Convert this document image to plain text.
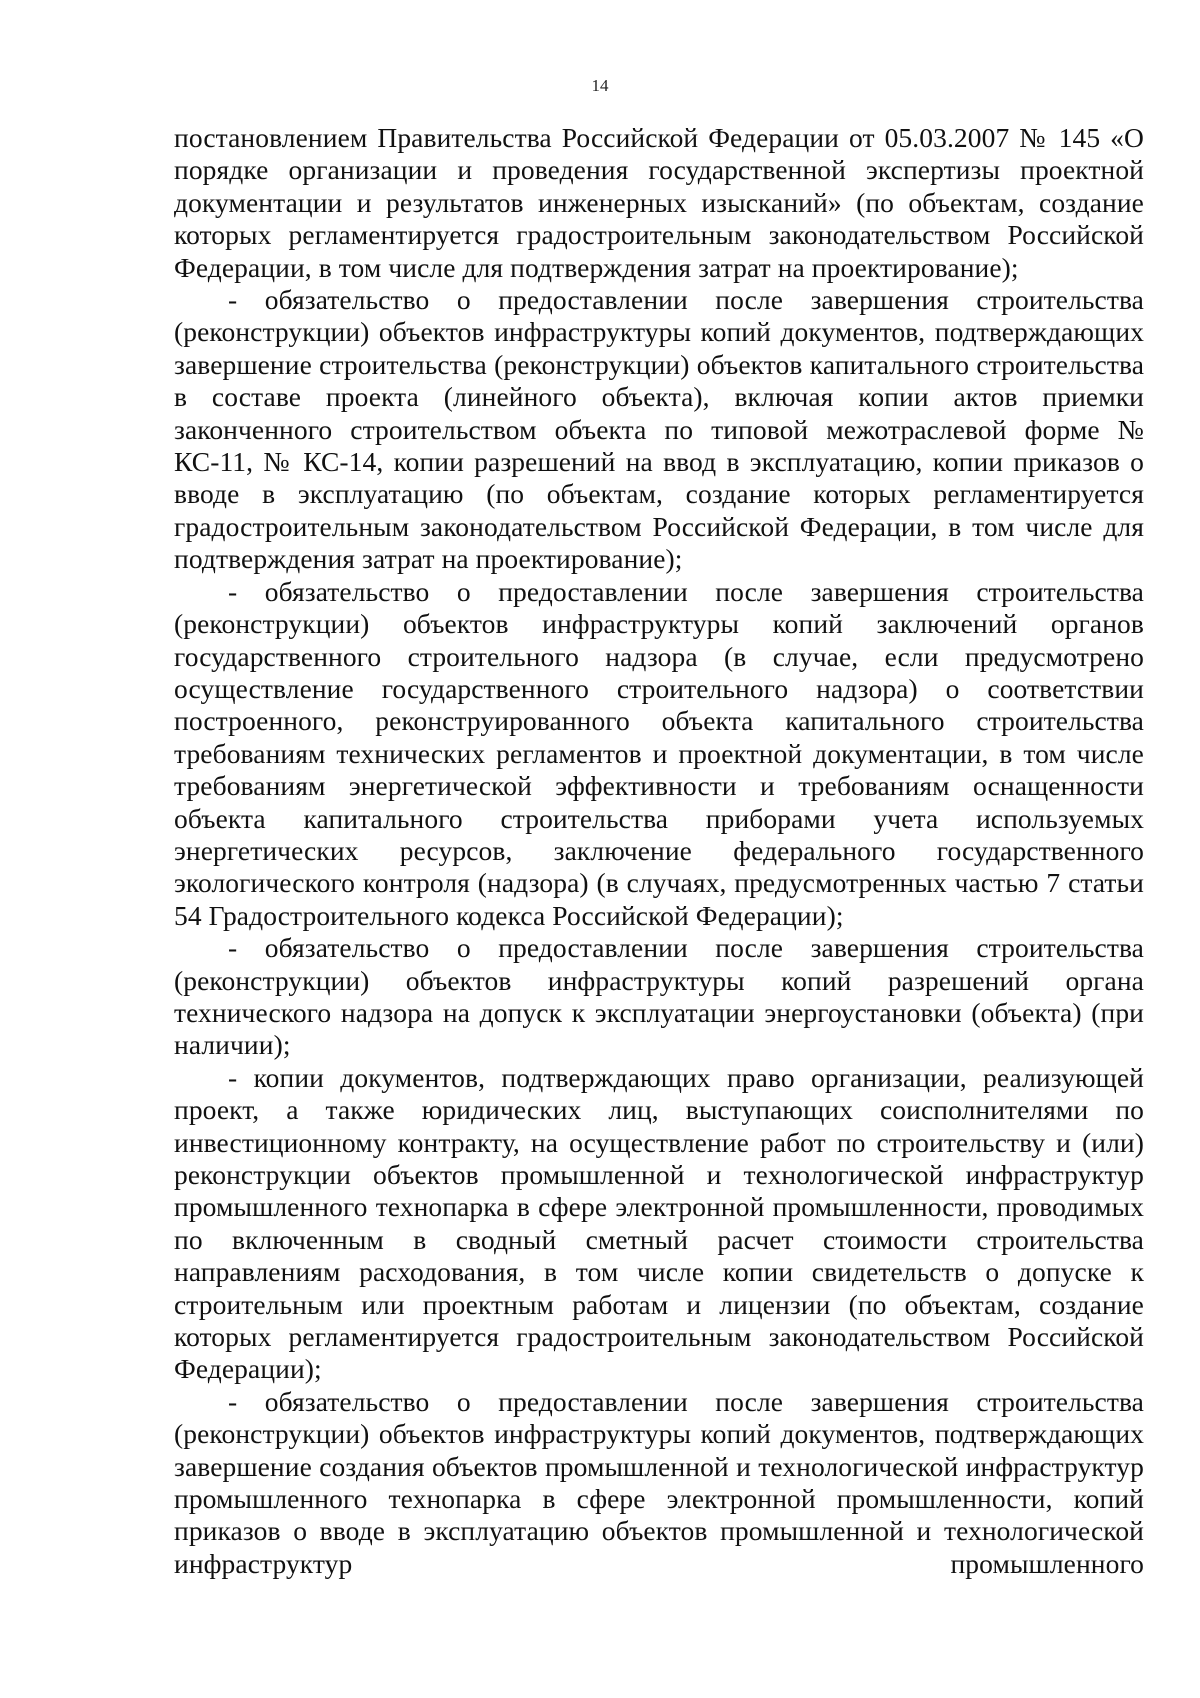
14

постановлением Правительства Российской Федерации от 05.03.2007 № 145 «О порядке организации и проведения государственной экспертизы проектной документации и результатов инженерных изысканий» (по объектам, создание которых регламентируется градостроительным законодательством Российской Федерации, в том числе для подтверждения затрат на проектирование);

- обязательство о предоставлении после завершения строительства (реконструкции) объектов инфраструктуры копий документов, подтверждающих завершение строительства (реконструкции) объектов капитального строительства в составе проекта (линейного объекта), включая копии актов приемки законченного строительством объекта по типовой межотраслевой форме № КС-11, № КС-14, копии разрешений на ввод в эксплуатацию, копии приказов о вводе в эксплуатацию (по объектам, создание которых регламентируется градостроительным законодательством Российской Федерации, в том числе для подтверждения затрат на проектирование);

- обязательство о предоставлении после завершения строительства (реконструкции) объектов инфраструктуры копий заключений органов государственного строительного надзора (в случае, если предусмотрено осуществление государственного строительного надзора) о соответствии построенного, реконструированного объекта капитального строительства требованиям технических регламентов и проектной документации, в том числе требованиям энергетической эффективности и требованиям оснащенности объекта капитального строительства приборами учета используемых энергетических ресурсов, заключение федерального государственного экологического контроля (надзора) (в случаях, предусмотренных частью 7 статьи 54 Градостроительного кодекса Российской Федерации);

- обязательство о предоставлении после завершения строительства (реконструкции) объектов инфраструктуры копий разрешений органа технического надзора на допуск к эксплуатации энергоустановки (объекта) (при наличии);

- копии документов, подтверждающих право организации, реализующей проект, а также юридических лиц, выступающих соисполнителями по инвестиционному контракту, на осуществление работ по строительству и (или) реконструкции объектов промышленной и технологической инфраструктур промышленного технопарка в сфере электронной промышленности, проводимых по включенным в сводный сметный расчет стоимости строительства направлениям расходования, в том числе копии свидетельств о допуске к строительным или проектным работам и лицензии (по объектам, создание которых регламентируется градостроительным законодательством Российской Федерации);

- обязательство о предоставлении после завершения строительства (реконструкции) объектов инфраструктуры копий документов, подтверждающих завершение создания объектов промышленной и технологической инфраструктур промышленного технопарка в сфере электронной промышленности, копий приказов о вводе в эксплуатацию объектов промышленной и технологической инфраструктур промышленного
